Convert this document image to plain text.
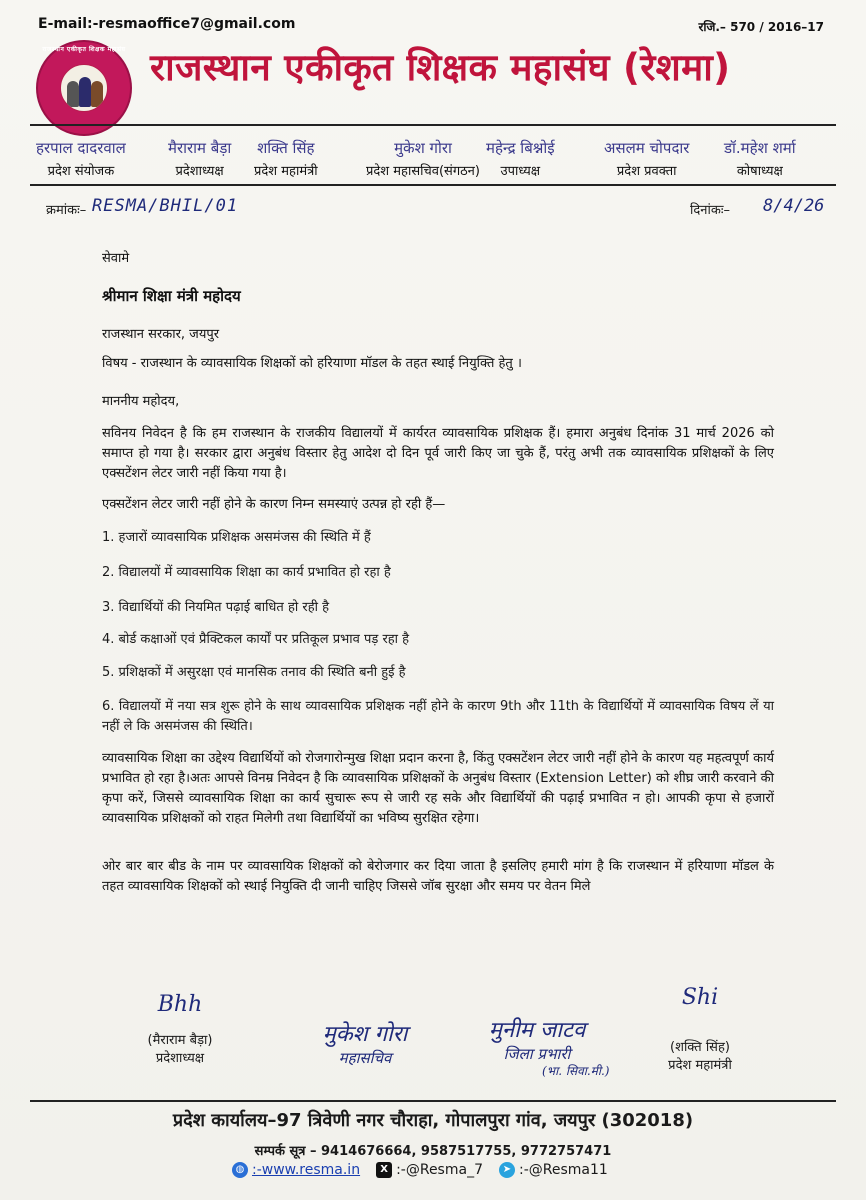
E-mail:-resmaoffice7@gmail.com	रजि.– 570 / 2016–17
राजस्थान एकीकृत शिक्षक महासंघ राजस्थान एकीकृत शिक्षक महासंघ (रेशमा)
हरपाल दादरवाल
प्रदेश संयोजक
मैराराम बैड़ा
प्रदेशाध्यक्ष
शक्ति सिंह
प्रदेश महामंत्री
मुकेश गोरा
प्रदेश महासचिव(संगठन)
महेन्द्र बिश्नोई
उपाध्यक्ष
असलम चोपदार
प्रदेश प्रवक्ता
डॉ.महेश शर्मा
कोषाध्यक्ष
क्रमांकः– RESMA/BHIL/01	दिनांकः– 8/4/26
सेवामे
श्रीमान शिक्षा मंत्री महोदय
राजस्थान सरकार, जयपुर
विषय - राजस्थान के व्यावसायिक शिक्षकों को हरियाणा मॉडल के तहत स्थाई नियुक्ति हेतु ।
माननीय महोदय,
सविनय निवेदन है कि हम राजस्थान के राजकीय विद्यालयों में कार्यरत व्यावसायिक प्रशिक्षक हैं। हमारा अनुबंध दिनांक 31 मार्च 2026 को समाप्त हो गया है। सरकार द्वारा अनुबंध विस्तार हेतु आदेश दो दिन पूर्व जारी किए जा चुके हैं, परंतु अभी तक व्यावसायिक प्रशिक्षकों के लिए एक्सटेंशन लेटर जारी नहीं किया गया है।
एक्सटेंशन लेटर जारी नहीं होने के कारण निम्न समस्याएं उत्पन्न हो रही हैं—
1. हजारों व्यावसायिक प्रशिक्षक असमंजस की स्थिति में हैं
2. विद्यालयों में व्यावसायिक शिक्षा का कार्य प्रभावित हो रहा है
3. विद्यार्थियों की नियमित पढ़ाई बाधित हो रही है
4. बोर्ड कक्षाओं एवं प्रैक्टिकल कार्यों पर प्रतिकूल प्रभाव पड़ रहा है
5. प्रशिक्षकों में असुरक्षा एवं मानसिक तनाव की स्थिति बनी हुई है
6. विद्यालयों में नया सत्र शुरू होने के साथ व्यावसायिक प्रशिक्षक नहीं होने के कारण 9th और 11th के विद्यार्थियों में व्यावसायिक विषय लें या नहीं ले कि असमंजस की स्थिति।
व्यावसायिक शिक्षा का उद्देश्य विद्यार्थियों को रोजगारोन्मुख शिक्षा प्रदान करना है, किंतु एक्सटेंशन लेटर जारी नहीं होने के कारण यह महत्वपूर्ण कार्य प्रभावित हो रहा है।अतः आपसे विनम्र निवेदन है कि व्यावसायिक प्रशिक्षकों के अनुबंध विस्तार (Extension Letter) को शीघ्र जारी करवाने की कृपा करें, जिससे व्यावसायिक शिक्षा का कार्य सुचारू रूप से जारी रह सके और विद्यार्थियों की पढ़ाई प्रभावित न हो। आपकी कृपा से हजारों व्यावसायिक प्रशिक्षकों को राहत मिलेगी तथा विद्यार्थियों का भविष्य सुरक्षित रहेगा।
ओर बार बार बीड के नाम पर व्यावसायिक शिक्षकों को बेरोजगार कर दिया जाता है इसलिए हमारी मांग है कि राजस्थान में हरियाणा मॉडल के तहत व्यावसायिक शिक्षकों को स्थाई नियुक्ति दी जानी चाहिए जिससे जॉब सुरक्षा और समय पर वेतन मिले
Bhh
(मैराराम बैड़ा)
प्रदेशाध्यक्ष
मुकेश गोरा
महासचिव
मुनीम जाटव
जिला प्रभारी
(भा. सिवा.मी.)
Shi
(शक्ति सिंह)
प्रदेश महामंत्री
प्रदेश कार्यालय–97 त्रिवेणी नगर चौराहा, गोपालपुरा गांव, जयपुर (302018)
सम्पर्क सूत्र – 9414676664, 9587517755, 9772757471
◍ :-www.resma.in	X :-@Resma_7	➤ :-@Resma11
